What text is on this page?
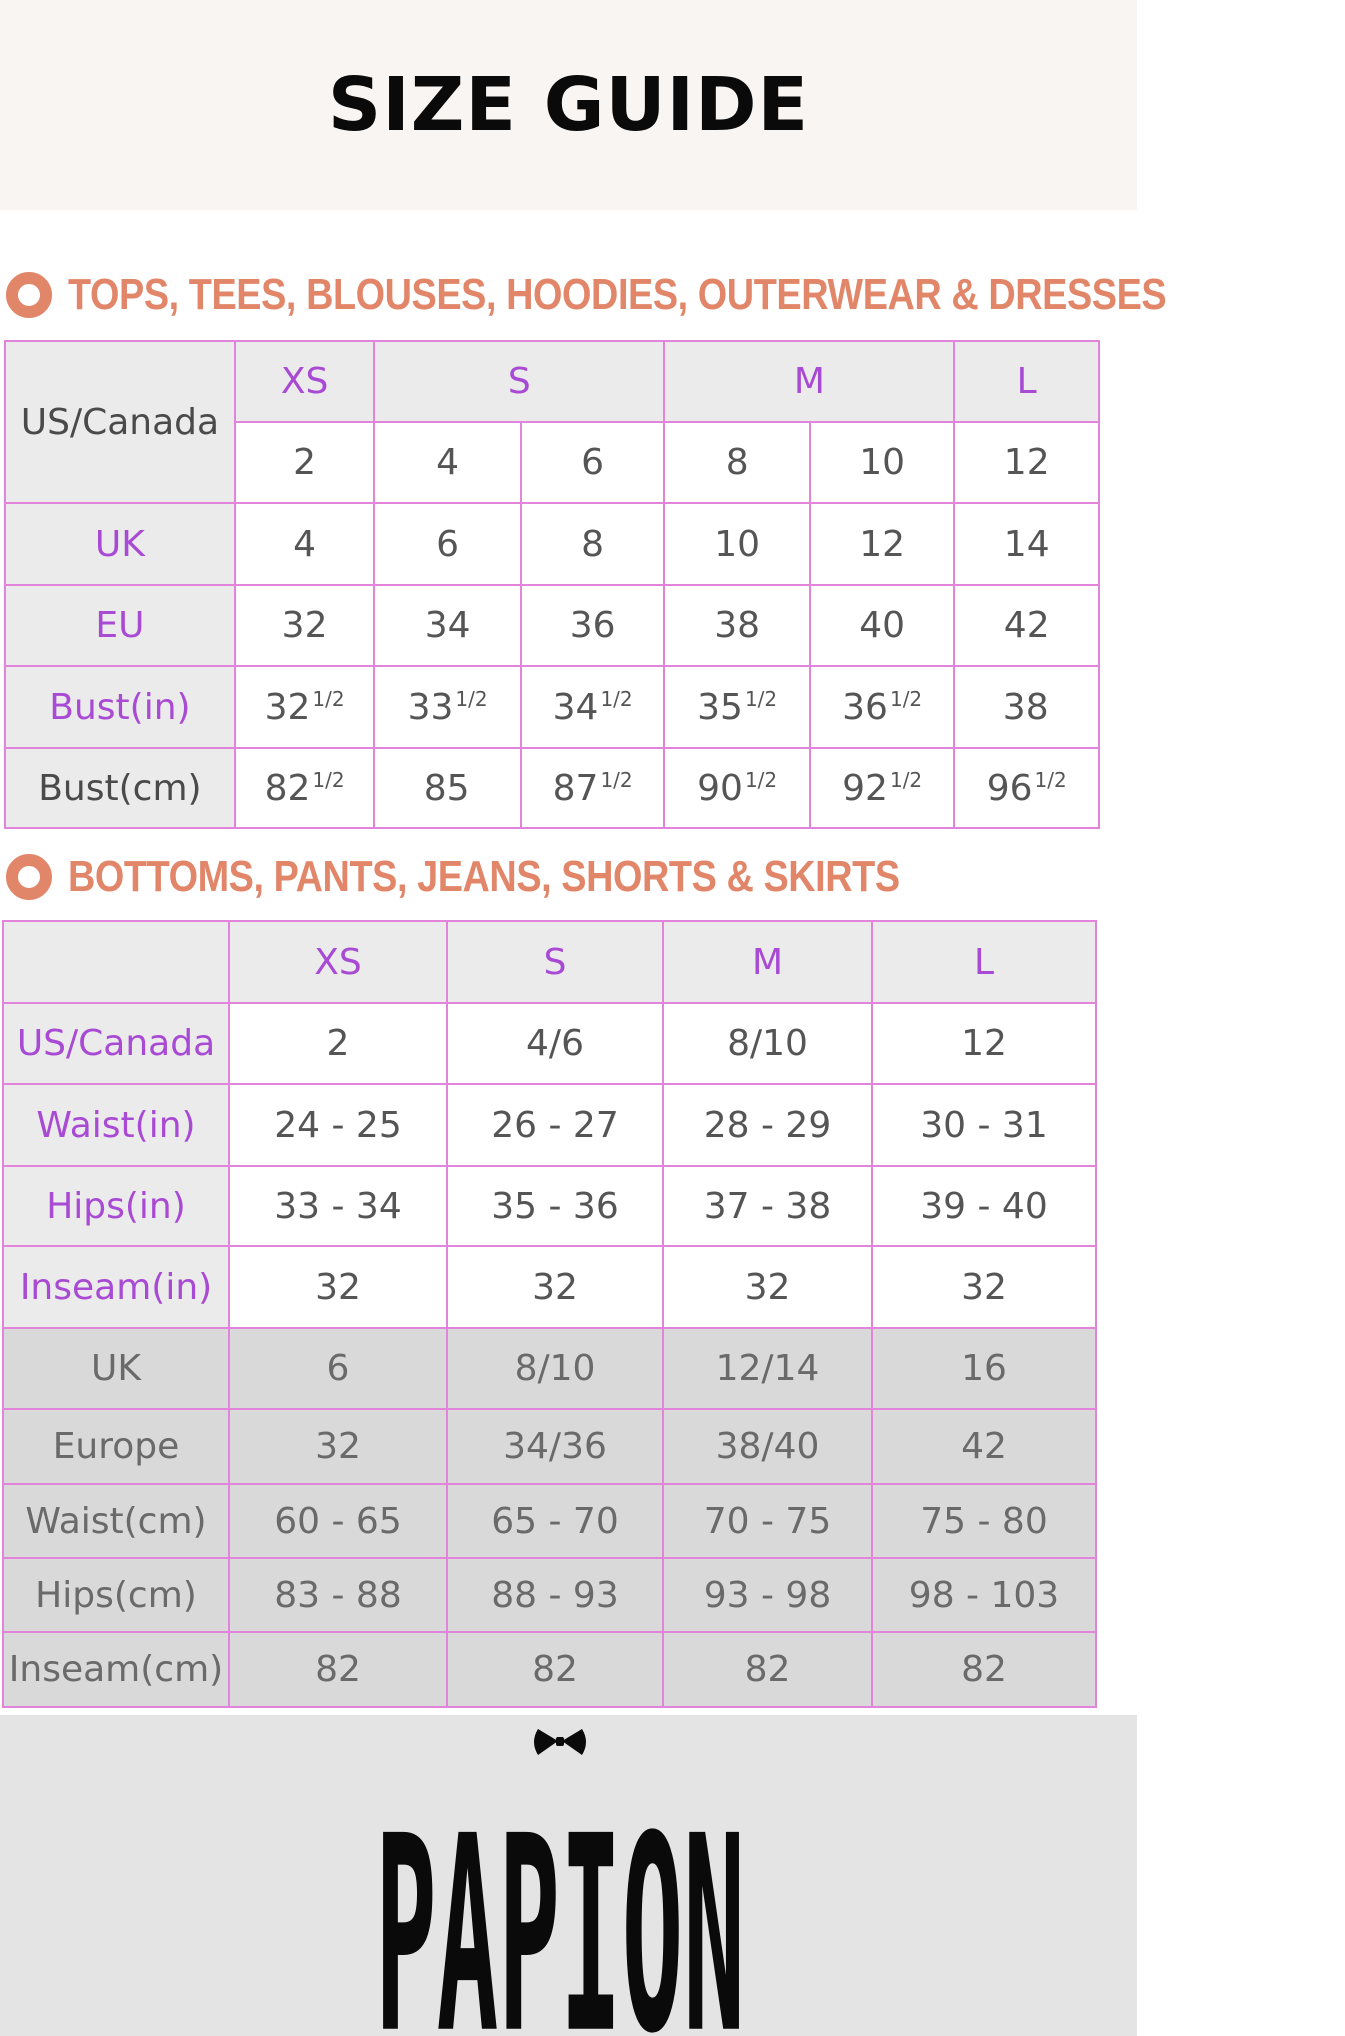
SIZE GUIDE
TOPS, TEES, BLOUSES, HOODIES, OUTERWEAR & DRESSES
US/Canada	XS	S		M		L
	2	4	6	8	10	12
UK	4	6	8	10	12	14
EU	32	34	36	38	40	42
Bust(in)	32 $^{1/2}$	33 $^{1/2}$	34 $^{1/2}$	35 $^{1/2}$	36 $^{1/2}$	38
Bust(cm)	82 $^{1/2}$	85	87 $^{1/2}$	90 $^{1/2}$	92 $^{1/2}$	96 $^{1/2}$
BOTTOMS, PANTS, JEANS, SHORTS & SKIRTS
	XS	S	M	L
US/Canada	2	4/6	8/10	12
Waist(in)	24 - 25	26 - 27	28 - 29	30 - 31
Hips(in)	33 - 34	35 - 36	37 - 38	39 - 40
Inseam(in)	32	32	32	32
UK	6	8/10	12/14	16
Europe	32	34/36	38/40	42
Waist(cm)	60 - 65	65 - 70	70 - 75	75 - 80
Hips(cm)	83 - 88	88 - 93	93 - 98	98 - 103
Inseam(cm)	82	82	82	82
PAPION
